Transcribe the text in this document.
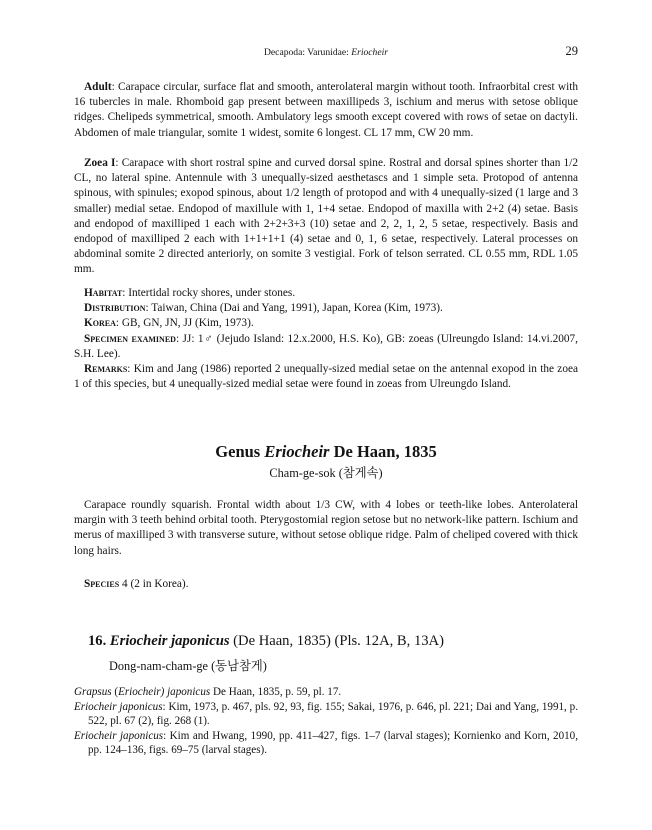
Decapoda: Varunidae: Eriocheir	29

Adult: Carapace circular, surface flat and smooth, anterolateral margin without tooth. Infraorbital crest with 16 tubercles in male. Rhomboid gap present between maxillipeds 3, ischium and merus with setose oblique ridges. Chelipeds symmetrical, smooth. Ambulatory legs smooth except covered with rows of setae on dactyli. Abdomen of male triangular, somite 1 widest, somite 6 longest. CL 17 mm, CW 20 mm.

Zoea I: Carapace with short rostral spine and curved dorsal spine. Rostral and dorsal spines shorter than 1/2 CL, no lateral spine. Antennule with 3 unequally-sized aesthetascs and 1 simple seta. Protopod of antenna spinous, with spinules; exopod spinous, about 1/2 length of protopod and with 4 unequally-sized (1 large and 3 smaller) medial setae. Endopod of maxillule with 1, 1+4 setae. Endopod of maxilla with 2+2 (4) setae. Basis and endopod of maxilliped 1 each with 2+2+3+3 (10) setae and 2, 2, 1, 2, 5 setae, respectively. Basis and endopod of maxilliped 2 each with 1+1+1+1 (4) setae and 0, 1, 6 setae, respectively. Lateral processes on abdominal somite 2 directed anteriorly, on somite 3 vestigial. Fork of telson serrated. CL 0.55 mm, RDL 1.05 mm.

Habitat: Intertidal rocky shores, under stones.

Distribution: Taiwan, China (Dai and Yang, 1991), Japan, Korea (Kim, 1973).

Korea: GB, GN, JN, JJ (Kim, 1973).

Specimen examined: JJ: 1♂ (Jejudo Island: 12.x.2000, H.S. Ko), GB: zoeas (Ulreungdo Island: 14.vi.2007, S.H. Lee).

Remarks: Kim and Jang (1986) reported 2 unequally-sized medial setae on the antennal exopod in the zoea 1 of this species, but 4 unequally-sized medial setae were found in zoeas from Ulreungdo Island.

Genus Eriocheir De Haan, 1835
Cham-ge-sok (참게속)

Carapace roundly squarish. Frontal width about 1/3 CW, with 4 lobes or teeth-like lobes. Anterolateral margin with 3 teeth behind orbital tooth. Pterygostomial region setose but no network-like pattern. Ischium and merus of maxilliped 3 with transverse suture, without setose oblique ridge. Palm of cheliped covered with thick long hairs.

Species 4 (2 in Korea).

16. Eriocheir japonicus (De Haan, 1835) (Pls. 12A, B, 13A)
Dong-nam-cham-ge (동남참게)

Grapsus (Eriocheir) japonicus De Haan, 1835, p. 59, pl. 17.

Eriocheir japonicus: Kim, 1973, p. 467, pls. 92, 93, fig. 155; Sakai, 1976, p. 646, pl. 221; Dai and Yang, 1991, p. 522, pl. 67 (2), fig. 268 (1).

Eriocheir japonicus: Kim and Hwang, 1990, pp. 411–427, figs. 1–7 (larval stages); Kornienko and Korn, 2010, pp. 124–136, figs. 69–75 (larval stages).
